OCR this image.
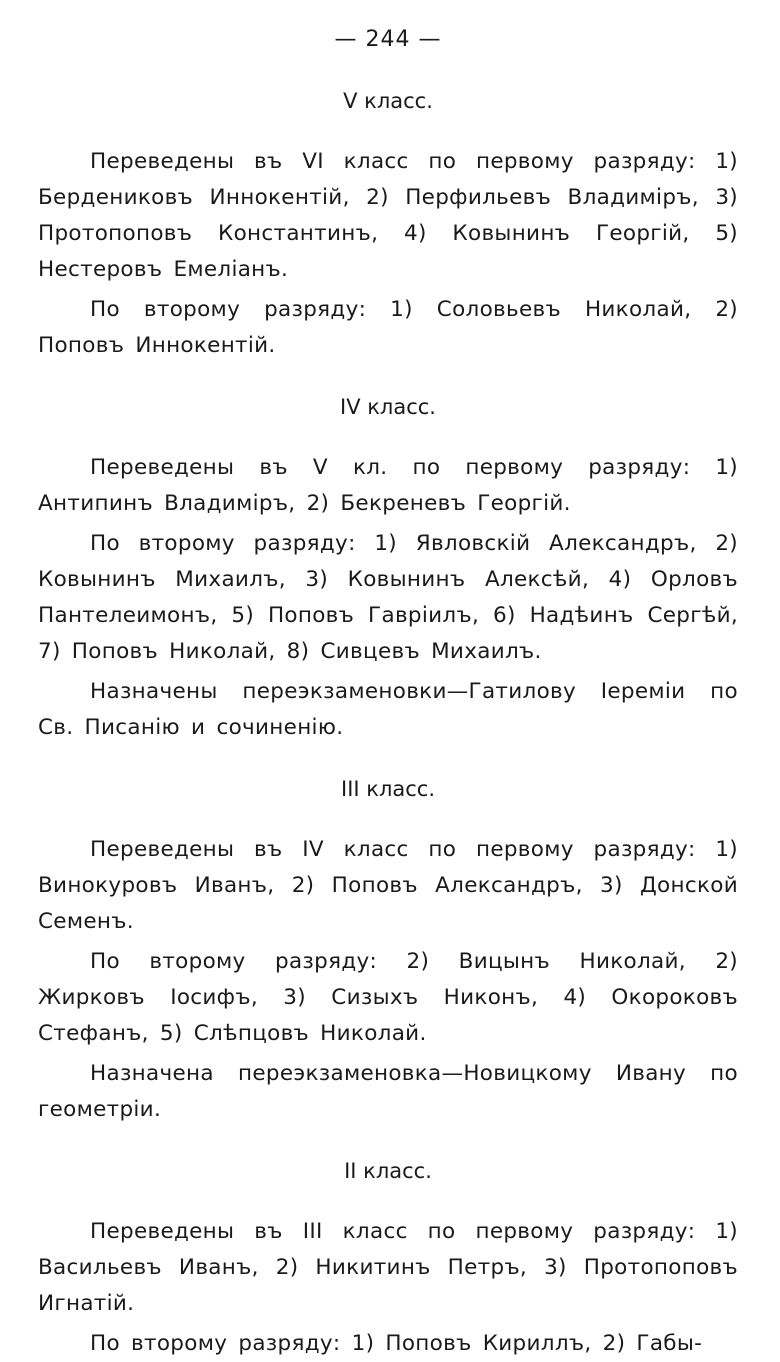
— 244 —
V класс.

Переведены въ VI класс по первому разряду: 1) Бердениковъ Иннокентiй, 2) Перфильевъ Владимiръ, 3) Протопоповъ Константинъ, 4) Ковынинъ Георгiй, 5) Нестеровъ Емелiанъ.

По второму разряду: 1) Соловьевъ Николай, 2) Поповъ Иннокентiй.

IV класс.

Переведены въ V кл. по первому разряду: 1) Антипинъ Владимiръ, 2) Бекреневъ Георгiй.

По второму разряду: 1) Явловскiй Александръ, 2) Ковынинъ Михаилъ, 3) Ковынинъ Алексѣй, 4) Орловъ Пантелеимонъ, 5) Поповъ Гаврiилъ, 6) Надѣинъ Сергѣй, 7) Поповъ Николай, 8) Сивцевъ Михаилъ.

Назначены переэкзаменовки—Гатилову Iеремiи по Св. Писанiю и сочиненiю.

III класс.

Переведены въ IV класс по первому разряду: 1) Винокуровъ Иванъ, 2) Поповъ Александръ, 3) Донской Семенъ.

По второму разряду: 2) Вицынъ Николай, 2) Жирковъ Iосифъ, 3) Сизыхъ Никонъ, 4) Окороковъ Стефанъ, 5) Слѣпцовъ Николай.

Назначена переэкзаменовка—Новицкому Ивану по геометрiи.

II класс.

Переведены въ III класс по первому разряду: 1) Васильевъ Иванъ, 2) Никитинъ Петръ, 3) Протопоповъ Игнатiй.

По второму разряду: 1) Поповъ Кириллъ, 2) Габы-
